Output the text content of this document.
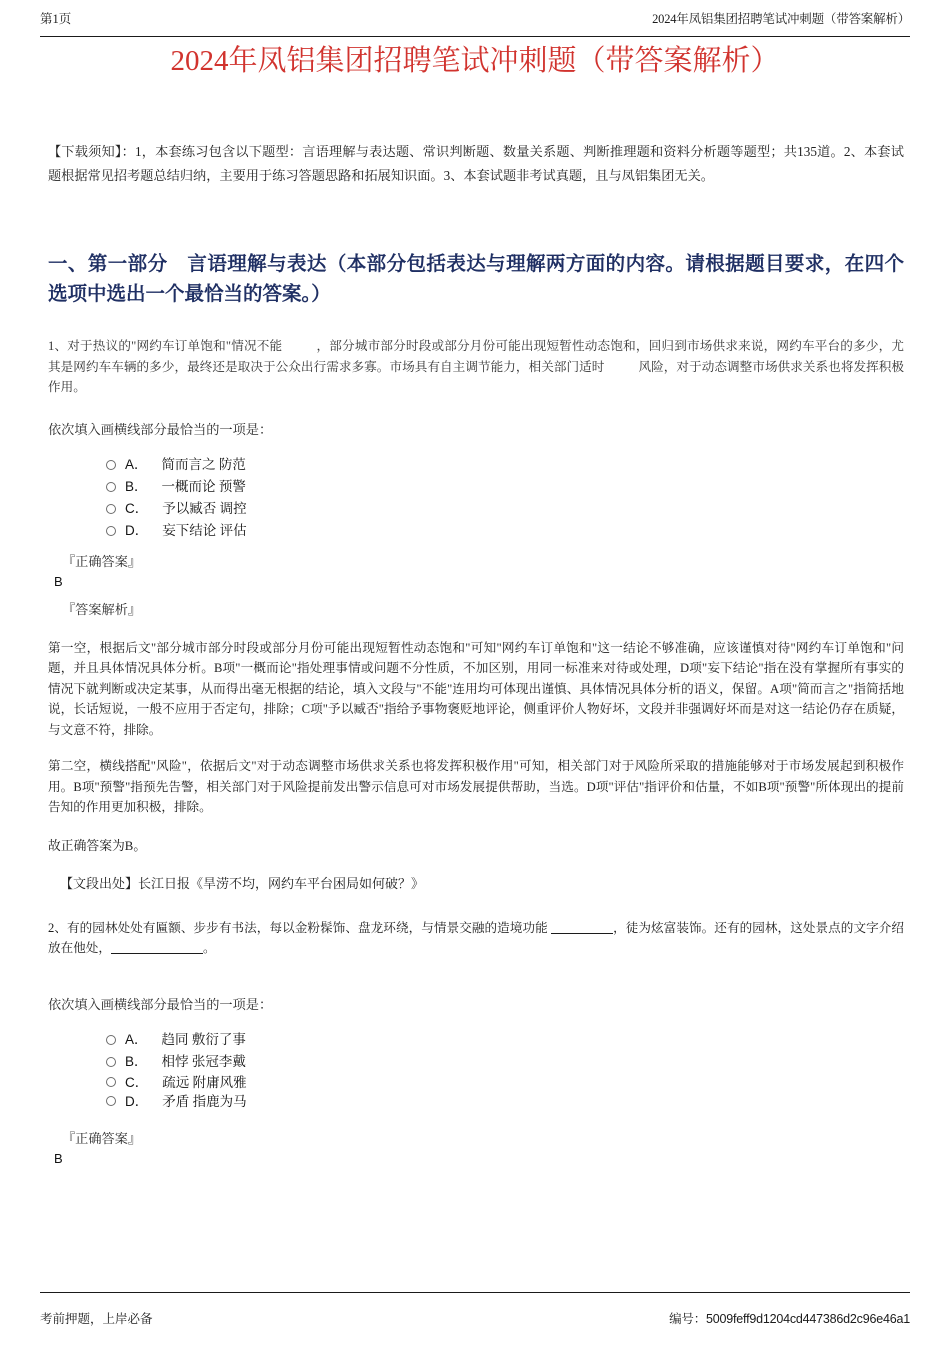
第1页	2024年凤铝集团招聘笔试冲刺题（带答案解析）
2024年凤铝集团招聘笔试冲刺题（带答案解析）

【下载须知】：1，本套练习包含以下题型：言语理解与表达题、常识判断题、数量关系题、判断推理题和资料分析题等题型；共135道。2、本套试题根据常见招考题总结归纳，主要用于练习答题思路和拓展知识面。3、本套试题非考试真题，且与凤铝集团无关。

一、第一部分　言语理解与表达（本部分包括表达与理解两方面的内容。请根据题目要求，在四个选项中选出一个最恰当的答案。）

1、对于热议的"网约车订单饱和"情况不能	，部分城市部分时段或部分月份可能出现短暂性动态饱和，回归到市场供求来说，网约车平台的多少，尤其是网约车车辆的多少，最终还是取决于公众出行需求多寡。市场具有自主调节能力，相关部门适时	风险，对于动态调整市场供求关系也将发挥积极作用。

依次填入画横线部分最恰当的一项是：

A． 简而言之 防范
B． 一概而论 预警
C． 予以臧否 调控
D． 妄下结论 评估

『正确答案』

B

『答案解析』

第一空，根据后文"部分城市部分时段或部分月份可能出现短暂性动态饱和"可知"网约车订单饱和"这一结论不够准确，应该谨慎对待"网约车订单饱和"问题，并且具体情况具体分析。B项"一概而论"指处理事情或问题不分性质，不加区别，用同一标准来对待或处理，D项"妄下结论"指在没有掌握所有事实的情况下就判断或决定某事，从而得出毫无根据的结论，填入文段与"不能"连用均可体现出谨慎、具体情况具体分析的语义，保留。A项"简而言之"指简括地说，长话短说，一般不应用于否定句，排除；C项"予以臧否"指给予事物褒贬地评论，侧重评价人物好坏，文段并非强调好坏而是对这一结论仍存在质疑，与文意不符，排除。

第二空，横线搭配"风险"，依据后文"对于动态调整市场供求关系也将发挥积极作用"可知，相关部门对于风险所采取的措施能够对于市场发展起到积极作用。B项"预警"指预先告警，相关部门对于风险提前发出警示信息可对市场发展提供帮助，当选。D项"评估"指评价和估量，不如B项"预警"所体现出的提前告知的作用更加积极，排除。

故正确答案为B。

【文段出处】长江日报《旱涝不均，网约车平台困局如何破？》

2、有的园林处处有匾额、步步有书法，每以金粉髹饰、盘龙环绕，与情景交融的造境功能	，徒为炫富装饰。还有的园林，这处景点的文字介绍放在他处，	。

依次填入画横线部分最恰当的一项是：

A． 趋同 敷衍了事
B． 相悖 张冠李戴
C． 疏远 附庸风雅
D． 矛盾 指鹿为马

『正确答案』

B

考前押题，上岸必备	编号：5009feff9d1204cd447386d2c96e46a1
